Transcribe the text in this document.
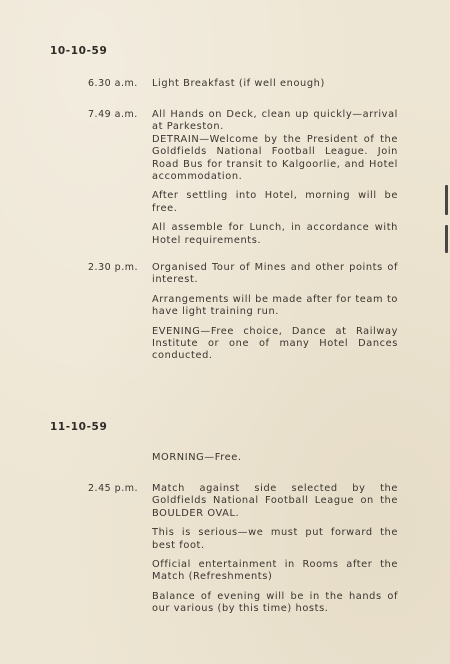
10-10-59
6.30 a.m.	Light Breakfast (if well enough)

7.49 a.m.	All Hands on Deck, clean up quickly—arrival at Parkeston.

DETRAIN—Welcome by the President of the Goldfields National Football League. Join Road Bus for transit to Kalgoorlie, and Hotel accommodation.

After settling into Hotel, morning will be free.

All assemble for Lunch, in accordance with Hotel requirements.

2.30 p.m.	Organised Tour of Mines and other points of interest.

Arrangements will be made after for team to have light training run.

EVENING—Free choice, Dance at Railway Institute or one of many Hotel Dances conducted.

11-10-59

MORNING—Free.

2.45 p.m.	Match against side selected by the Goldfields National Football League on the BOULDER OVAL.

This is serious—we must put forward the best foot.

Official entertainment in Rooms after the Match (Refreshments)

Balance of evening will be in the hands of our various (by this time) hosts.
